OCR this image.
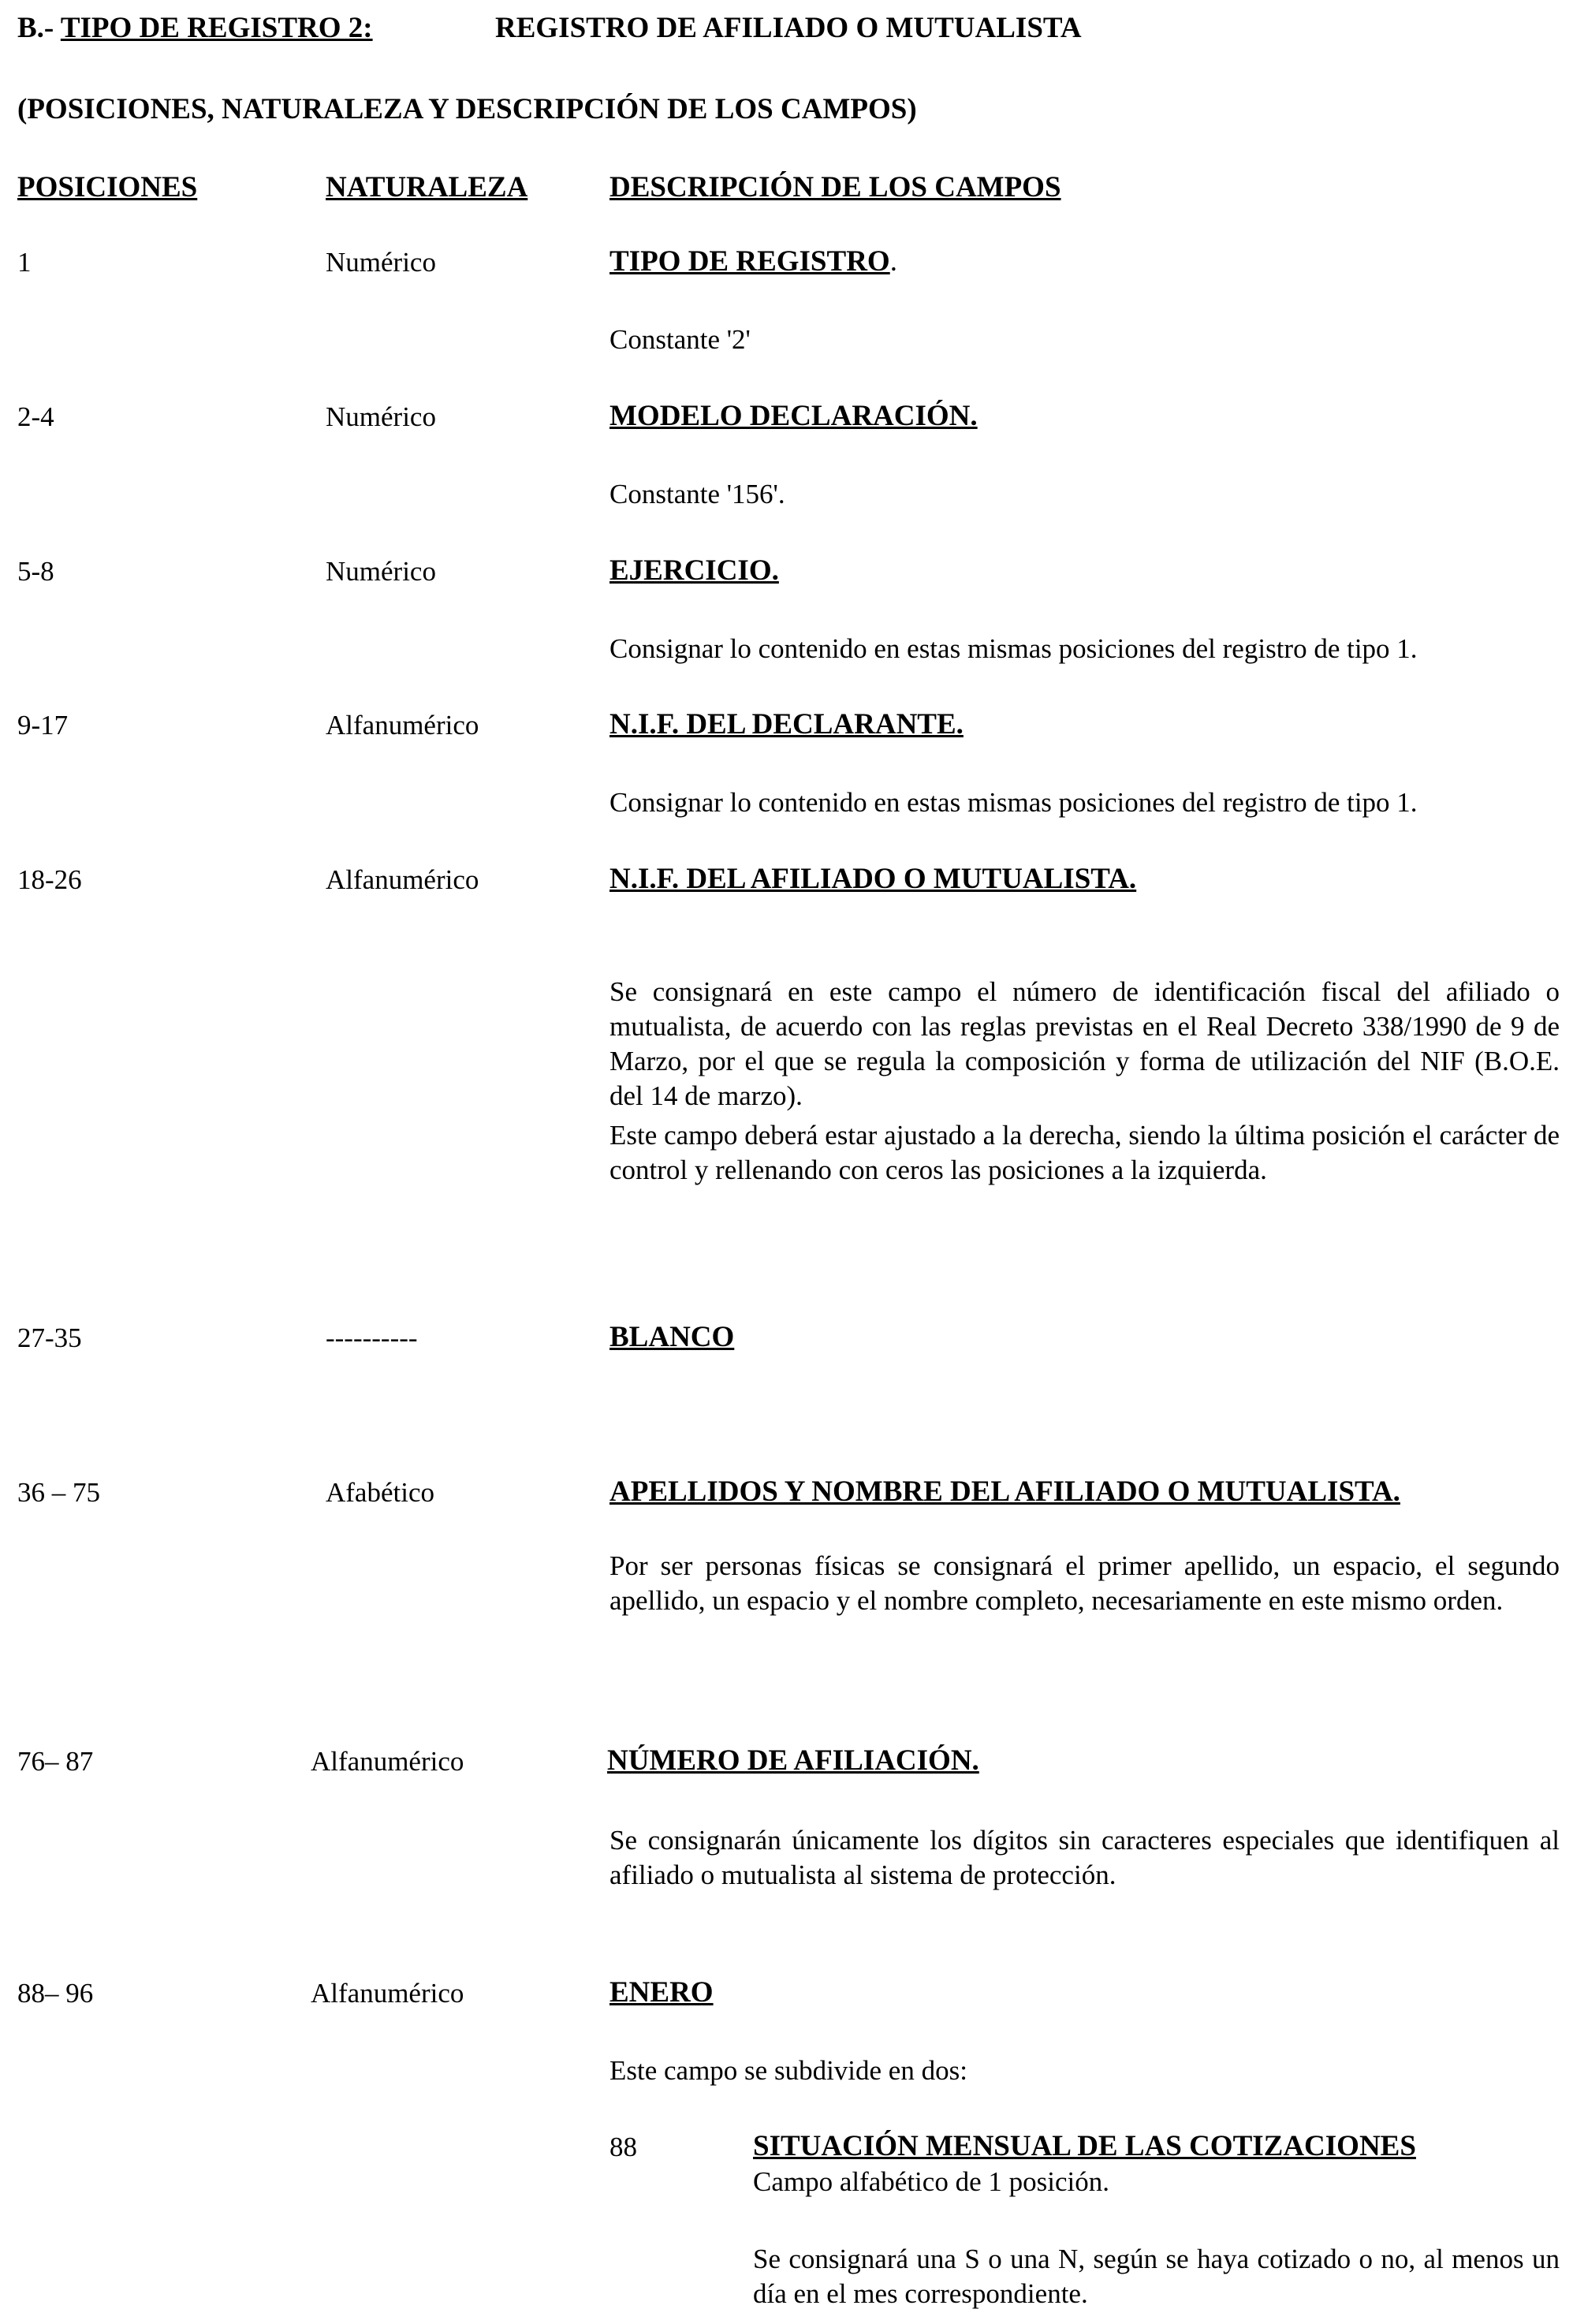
B.- TIPO DE REGISTRO 2:	REGISTRO DE AFILIADO O MUTUALISTA
(POSICIONES, NATURALEZA Y DESCRIPCIÓN DE LOS CAMPOS)
POSICIONES	NATURALEZA	DESCRIPCIÓN DE LOS CAMPOS
1	Numérico	TIPO DE REGISTRO.
Constante '2'
2-4	Numérico	MODELO DECLARACIÓN.
Constante '156'.
5-8	Numérico	EJERCICIO.
Consignar lo contenido en estas mismas posiciones del registro de tipo 1.
9-17	Alfanumérico	N.I.F. DEL DECLARANTE.
Consignar lo contenido en estas mismas posiciones del registro de tipo 1.
18-26	Alfanumérico	N.I.F. DEL AFILIADO O MUTUALISTA.
Se consignará en este campo el número de identificación fiscal del afiliado o mutualista, de acuerdo con las reglas previstas en el Real Decreto 338/1990 de 9 de Marzo, por el que se regula la composición y forma de utilización del NIF (B.O.E. del 14 de marzo).
Este campo deberá estar ajustado a la derecha, siendo la última posición el carácter de control y rellenando con ceros las posiciones a la izquierda.
27-35	----------	BLANCO
36 – 75	Afabético	APELLIDOS Y NOMBRE DEL AFILIADO O MUTUALISTA.
Por ser personas físicas se consignará el primer apellido, un espacio, el segundo apellido, un espacio y el nombre completo, necesariamente en este mismo orden.
76– 87	Alfanumérico	NÚMERO DE AFILIACIÓN.
Se consignarán únicamente los dígitos sin caracteres especiales que identifiquen al afiliado o mutualista al sistema de protección.
88– 96	Alfanumérico	ENERO
Este campo se subdivide en dos:
88	SITUACIÓN MENSUAL DE LAS COTIZACIONES
Campo alfabético de 1 posición.
Se consignará una S o una N, según se haya cotizado o no, al menos un día en el mes correspondiente.
